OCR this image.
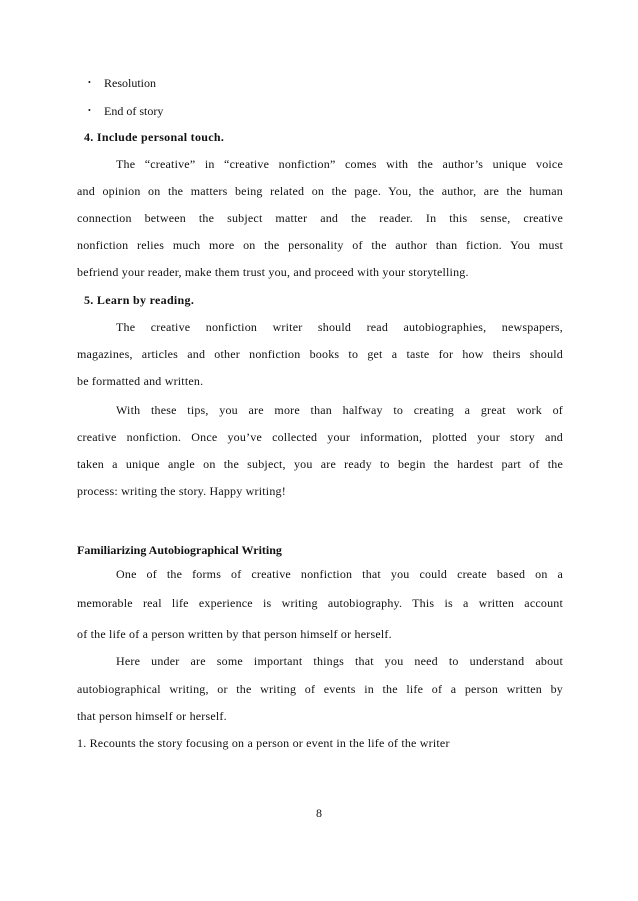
• Resolution
• End of story
4. Include personal touch.
The “creative” in “creative nonfiction” comes with the author’s unique voice
and opinion on the matters being related on the page. You, the author, are the human
connection between the subject matter and the reader. In this sense, creative
nonfiction relies much more on the personality of the author than fiction. You must
befriend your reader, make them trust you, and proceed with your storytelling.
5. Learn by reading.
The creative nonfiction writer should read autobiographies, newspapers,
magazines, articles and other nonfiction books to get a taste for how theirs should
be formatted and written.
With these tips, you are more than halfway to creating a great work of
creative nonfiction. Once you’ve collected your information, plotted your story and
taken a unique angle on the subject, you are ready to begin the hardest part of the
process: writing the story. Happy writing!
Familiarizing Autobiographical Writing
One of the forms of creative nonfiction that you could create based on a
memorable real life experience is writing autobiography. This is a written account
of the life of a person written by that person himself or herself.
Here under are some important things that you need to understand about
autobiographical writing, or the writing of events in the life of a person written by
that person himself or herself.
1. Recounts the story focusing on a person or event in the life of the writer
8
